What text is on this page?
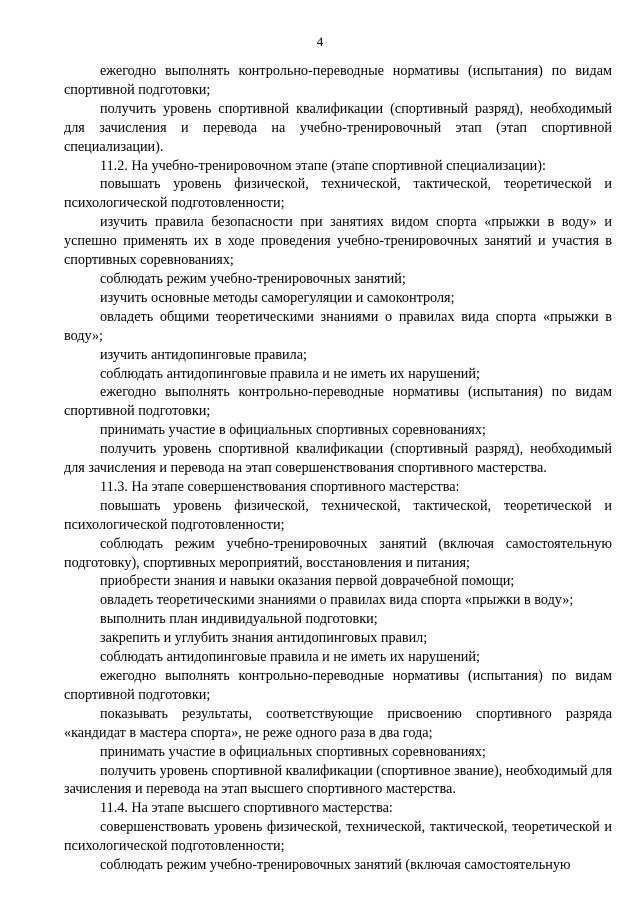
4

ежегодно выполнять контрольно-переводные нормативы (испытания) по видам спортивной подготовки;

получить уровень спортивной квалификации (спортивный разряд), необходимый для зачисления и перевода на учебно-тренировочный этап (этап спортивной специализации).

11.2. На учебно-тренировочном этапе (этапе спортивной специализации):

повышать уровень физической, технической, тактической, теоретической и психологической подготовленности;

изучить правила безопасности при занятиях видом спорта «прыжки в воду» и успешно применять их в ходе проведения учебно-тренировочных занятий и участия в спортивных соревнованиях;

соблюдать режим учебно-тренировочных занятий;

изучить основные методы саморегуляции и самоконтроля;

овладеть общими теоретическими знаниями о правилах вида спорта «прыжки в воду»;

изучить антидопинговые правила;

соблюдать антидопинговые правила и не иметь их нарушений;

ежегодно выполнять контрольно-переводные нормативы (испытания) по видам спортивной подготовки;

принимать участие в официальных спортивных соревнованиях;

получить уровень спортивной квалификации (спортивный разряд), необходимый для зачисления и перевода на этап совершенствования спортивного мастерства.

11.3. На этапе совершенствования спортивного мастерства:

повышать уровень физической, технической, тактической, теоретической и психологической подготовленности;

соблюдать режим учебно-тренировочных занятий (включая самостоятельную подготовку), спортивных мероприятий, восстановления и питания;

приобрести знания и навыки оказания первой доврачебной помощи;

овладеть теоретическими знаниями о правилах вида спорта «прыжки в воду»;

выполнить план индивидуальной подготовки;

закрепить и углубить знания антидопинговых правил;

соблюдать антидопинговые правила и не иметь их нарушений;

ежегодно выполнять контрольно-переводные нормативы (испытания) по видам спортивной подготовки;

показывать результаты, соответствующие присвоению спортивного разряда «кандидат в мастера спорта», не реже одного раза в два года;

принимать участие в официальных спортивных соревнованиях;

получить уровень спортивной квалификации (спортивное звание), необходимый для зачисления и перевода на этап высшего спортивного мастерства.

11.4. На этапе высшего спортивного мастерства:

совершенствовать уровень физической, технической, тактической, теоретической и психологической подготовленности;

соблюдать режим учебно-тренировочных занятий (включая самостоятельную
